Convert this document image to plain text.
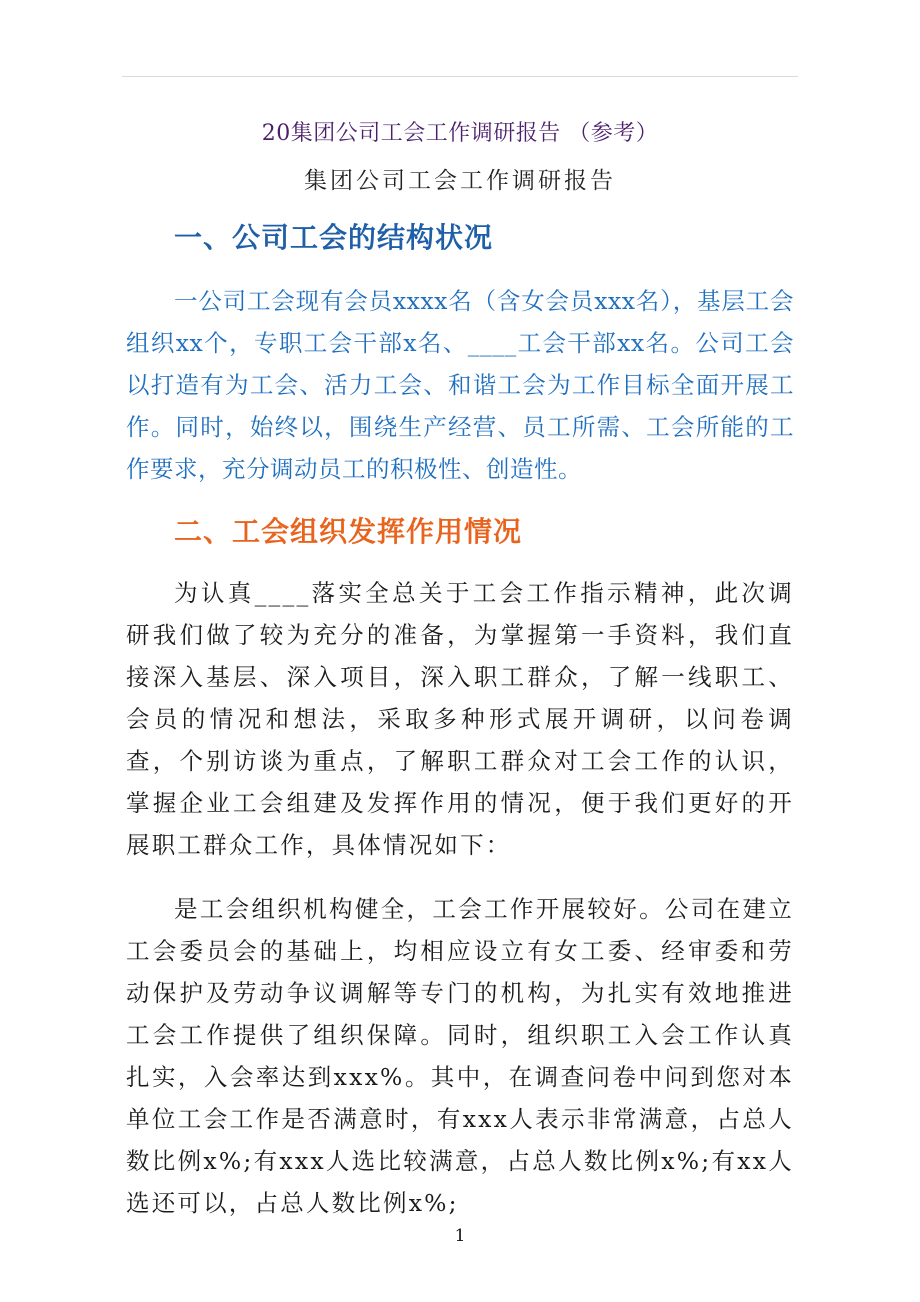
20集团公司工会工作调研报告 （参考）
集团公司工会工作调研报告
一、公司工会的结构状况

一公司工会现有会员xxxx名（含女会员xxx名），基层工会组织xx个，专职工会干部x名、____工会干部xx名。公司工会以打造有为工会、活力工会、和谐工会为工作目标全面开展工作。同时，始终以，围绕生产经营、员工所需、工会所能的工作要求，充分调动员工的积极性、创造性。

二、工会组织发挥作用情况

为认真____落实全总关于工会工作指示精神，此次调研我们做了较为充分的准备，为掌握第一手资料，我们直接深入基层、深入项目，深入职工群众，了解一线职工、会员的情况和想法，采取多种形式展开调研，以问卷调查，个别访谈为重点，了解职工群众对工会工作的认识，掌握企业工会组建及发挥作用的情况，便于我们更好的开展职工群众工作，具体情况如下：

是工会组织机构健全，工会工作开展较好。公司在建立工会委员会的基础上，均相应设立有女工委、经审委和劳动保护及劳动争议调解等专门的机构，为扎实有效地推进工会工作提供了组织保障。同时，组织职工入会工作认真扎实，入会率达到xxx%。其中，在调查问卷中问到您对本单位工会工作是否满意时，有xxx人表示非常满意，占总人数比例x%;有xxx人选比较满意，占总人数比例x%;有xx人选还可以，占总人数比例x%;

1
